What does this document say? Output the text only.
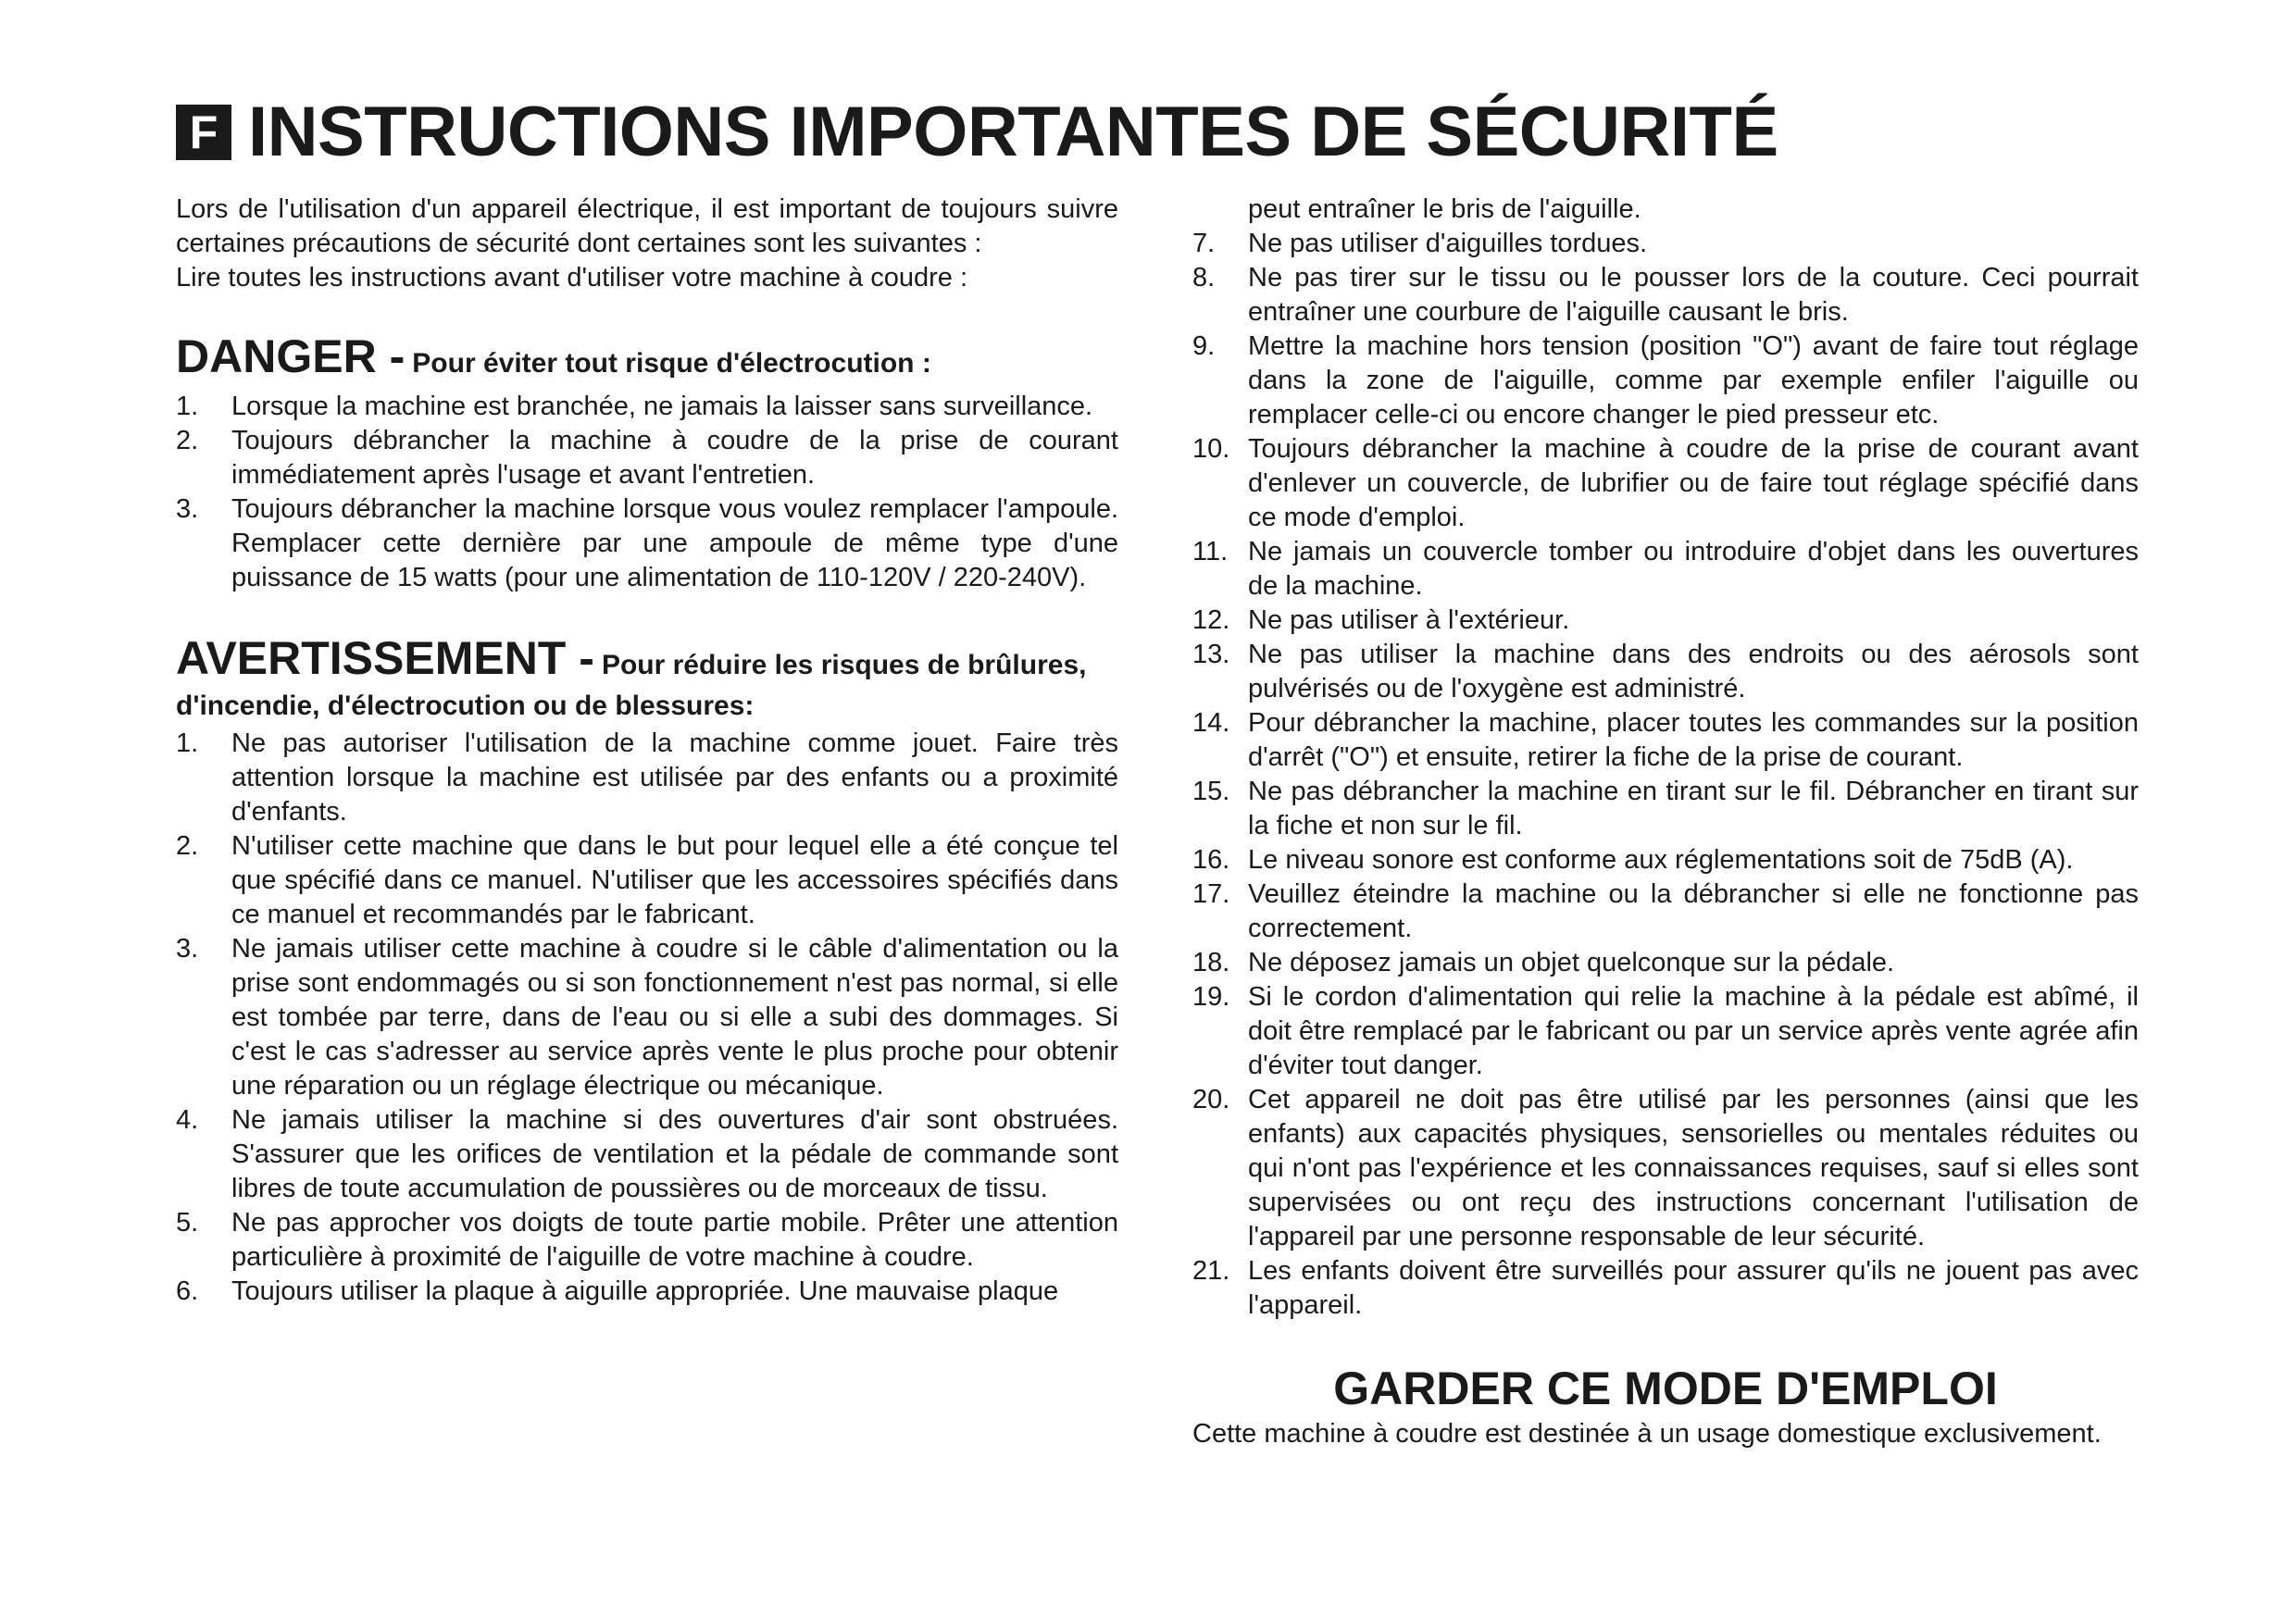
F INSTRUCTIONS IMPORTANTES DE SÉCURITÉ

Lors de l'utilisation d'un appareil électrique, il est important de toujours suivre certaines précautions de sécurité dont certaines sont les suivantes :

Lire toutes les instructions avant d'utiliser votre machine à coudre :

DANGER - Pour éviter tout risque d'électrocution :

1.	Lorsque la machine est branchée, ne jamais la laisser sans surveillance.
2.	Toujours débrancher la machine à coudre de la prise de courant immédiatement après l'usage et avant l'entretien.
3.	Toujours débrancher la machine lorsque vous voulez remplacer l'ampoule. Remplacer cette dernière par une ampoule de même type d'une puissance de 15 watts (pour une alimentation de 110-120V / 220-240V).

AVERTISSEMENT - Pour réduire les risques de brûlures, d'incendie, d'électrocution ou de blessures:

1.	Ne pas autoriser l'utilisation de la machine comme jouet. Faire très attention lorsque la machine est utilisée par des enfants ou a proximité d'enfants.
2.	N'utiliser cette machine que dans le but pour lequel elle a été conçue tel que spécifié dans ce manuel. N'utiliser que les accessoires spécifiés dans ce manuel et recommandés par le fabricant.
3.	Ne jamais utiliser cette machine à coudre si le câble d'alimentation ou la prise sont endommagés ou si son fonctionnement n'est pas normal, si elle est tombée par terre, dans de l'eau ou si elle a subi des dommages. Si c'est le cas s'adresser au service après vente le plus proche pour obtenir une réparation ou un réglage électrique ou mécanique.
4.	Ne jamais utiliser la machine si des ouvertures d'air sont obstruées. S'assurer que les orifices de ventilation et la pédale de commande sont libres de toute accumulation de poussières ou de morceaux de tissu.
5.	Ne pas approcher vos doigts de toute partie mobile. Prêter une attention particulière à proximité de l'aiguille de votre machine à coudre.
6.	Toujours utiliser la plaque à aiguille appropriée. Une mauvaise plaque
peut entraîner le bris de l'aiguille.
7.	Ne pas utiliser d'aiguilles tordues.
8.	Ne pas tirer sur le tissu ou le pousser lors de la couture. Ceci pourrait entraîner une courbure de l'aiguille causant le bris.
9.	Mettre la machine hors tension (position "O") avant de faire tout réglage dans la zone de l'aiguille, comme par exemple enfiler l'aiguille ou remplacer celle-ci ou encore changer le pied presseur etc.
10. Toujours débrancher la machine à coudre de la prise de courant avant d'enlever un couvercle, de lubrifier ou de faire tout réglage spécifié dans ce mode d'emploi.
11. Ne jamais un couvercle tomber ou introduire d'objet dans les ouvertures de la machine.
12. Ne pas utiliser à l'extérieur.
13. Ne pas utiliser la machine dans des endroits ou des aérosols sont pulvérisés ou de l'oxygène est administré.
14. Pour débrancher la machine, placer toutes les commandes sur la position d'arrêt ("O") et ensuite, retirer la fiche de la prise de courant.
15. Ne pas débrancher la machine en tirant sur le fil. Débrancher en tirant sur la fiche et non sur le fil.
16. Le niveau sonore est conforme aux réglementations soit de 75dB (A).
17. Veuillez éteindre la machine ou la débrancher si elle ne fonctionne pas correctement.
18. Ne déposez jamais un objet quelconque sur la pédale.
19. Si le cordon d'alimentation qui relie la machine à la pédale est abîmé, il doit être remplacé par le fabricant ou par un service après vente agrée afin d'éviter tout danger.
20. Cet appareil ne doit pas être utilisé par les personnes (ainsi que les enfants) aux capacités physiques, sensorielles ou mentales réduites ou qui n'ont pas l'expérience et les connaissances requises, sauf si elles sont supervisées ou ont reçu des instructions concernant l'utilisation de l'appareil par une personne responsable de leur sécurité.
21. Les enfants doivent être surveillés pour assurer qu'ils ne jouent pas avec l'appareil.
GARDER CE MODE D'EMPLOI

Cette machine à coudre est destinée à un usage domestique exclusivement.
